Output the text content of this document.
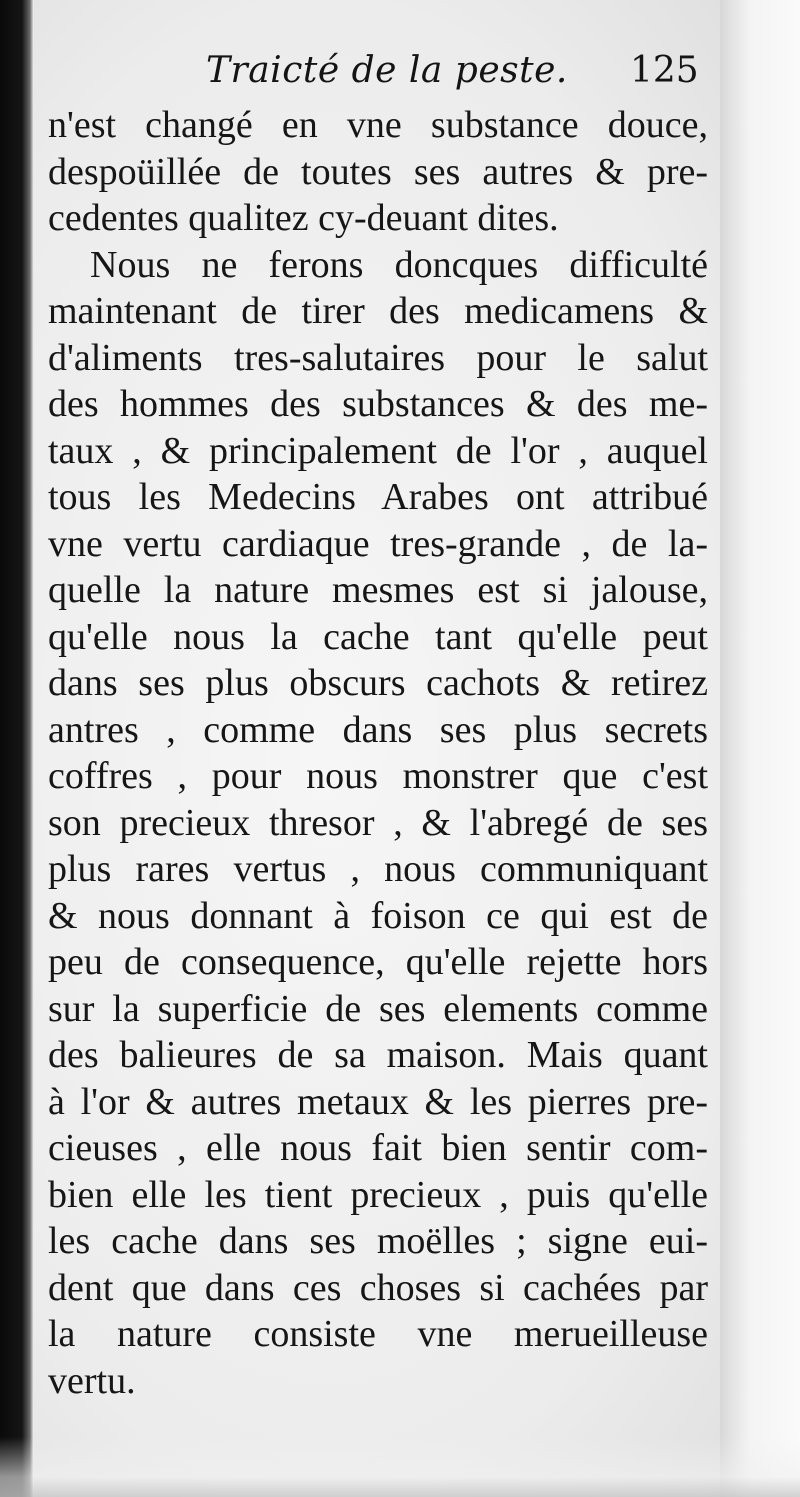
Traicté de la peste. 125
n'est changé en vne substance douce,
despoüillée de toutes ses autres & pre-
cedentes qualitez cy-deuant dites.
Nous ne ferons doncques difficulté
maintenant de tirer des medicamens &
d'aliments tres-salutaires pour le salut
des hommes des substances & des me-
taux , & principalement de l'or , auquel
tous les Medecins Arabes ont attribué
vne vertu cardiaque tres-grande , de la-
quelle la nature mesmes est si jalouse,
qu'elle nous la cache tant qu'elle peut
dans ses plus obscurs cachots & retirez
antres , comme dans ses plus secrets
coffres , pour nous monstrer que c'est
son precieux thresor , & l'abregé de ses
plus rares vertus , nous communiquant
& nous donnant à foison ce qui est de
peu de consequence, qu'elle rejette hors
sur la superficie de ses elements comme
des balieures de sa maison. Mais quant
à l'or & autres metaux & les pierres pre-
cieuses , elle nous fait bien sentir com-
bien elle les tient precieux , puis qu'elle
les cache dans ses moëlles ; signe eui-
dent que dans ces choses si cachées par
la nature consiste vne merueilleuse
vertu.
